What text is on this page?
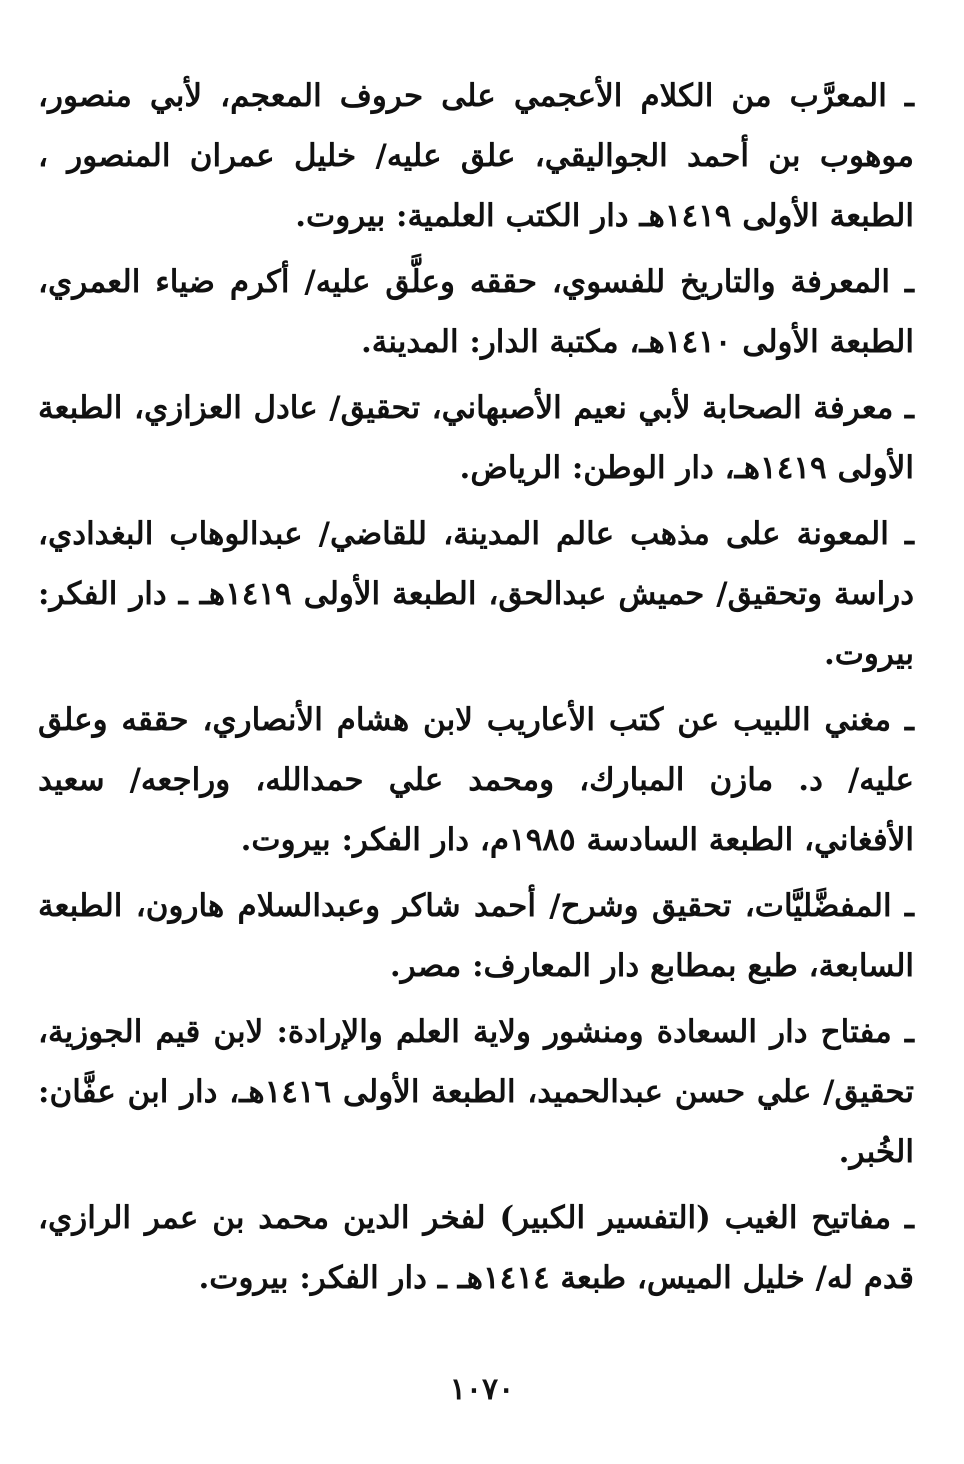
ـ المعرَّب من الكلام الأعجمي على حروف المعجم، لأبي منصور، موهوب بن أحمد الجواليقي، علق عليه/ خليل عمران المنصور ، الطبعة الأولى ١٤١٩هـ دار الكتب العلمية: بيروت.

ـ المعرفة والتاريخ للفسوي، حققه وعلَّق عليه/ أكرم ضياء العمري، الطبعة الأولى ١٤١٠هـ، مكتبة الدار: المدينة.

ـ معرفة الصحابة لأبي نعيم الأصبهاني، تحقيق/ عادل العزازي، الطبعة الأولى ١٤١٩هـ، دار الوطن: الرياض.

ـ المعونة على مذهب عالم المدينة، للقاضي/ عبدالوهاب البغدادي، دراسة وتحقيق/ حميش عبدالحق، الطبعة الأولى ١٤١٩هـ ـ دار الفكر: بيروت.

ـ مغني اللبيب عن كتب الأعاريب لابن هشام الأنصاري، حققه وعلق عليه/ د. مازن المبارك، ومحمد علي حمدالله، وراجعه/ سعيد الأفغاني، الطبعة السادسة ١٩٨٥م، دار الفكر: بيروت.

ـ المفضَّليَّات، تحقيق وشرح/ أحمد شاكر وعبدالسلام هارون، الطبعة السابعة، طبع بمطابع دار المعارف: مصر.

ـ مفتاح دار السعادة ومنشور ولاية العلم والإرادة: لابن قيم الجوزية، تحقيق/ علي حسن عبدالحميد، الطبعة الأولى ١٤١٦هـ، دار ابن عفَّان: الخُبر.

ـ مفاتيح الغيب (التفسير الكبير) لفخر الدين محمد بن عمر الرازي، قدم له/ خليل الميس، طبعة ١٤١٤هـ ـ دار الفكر: بيروت.

١٠٧٠
